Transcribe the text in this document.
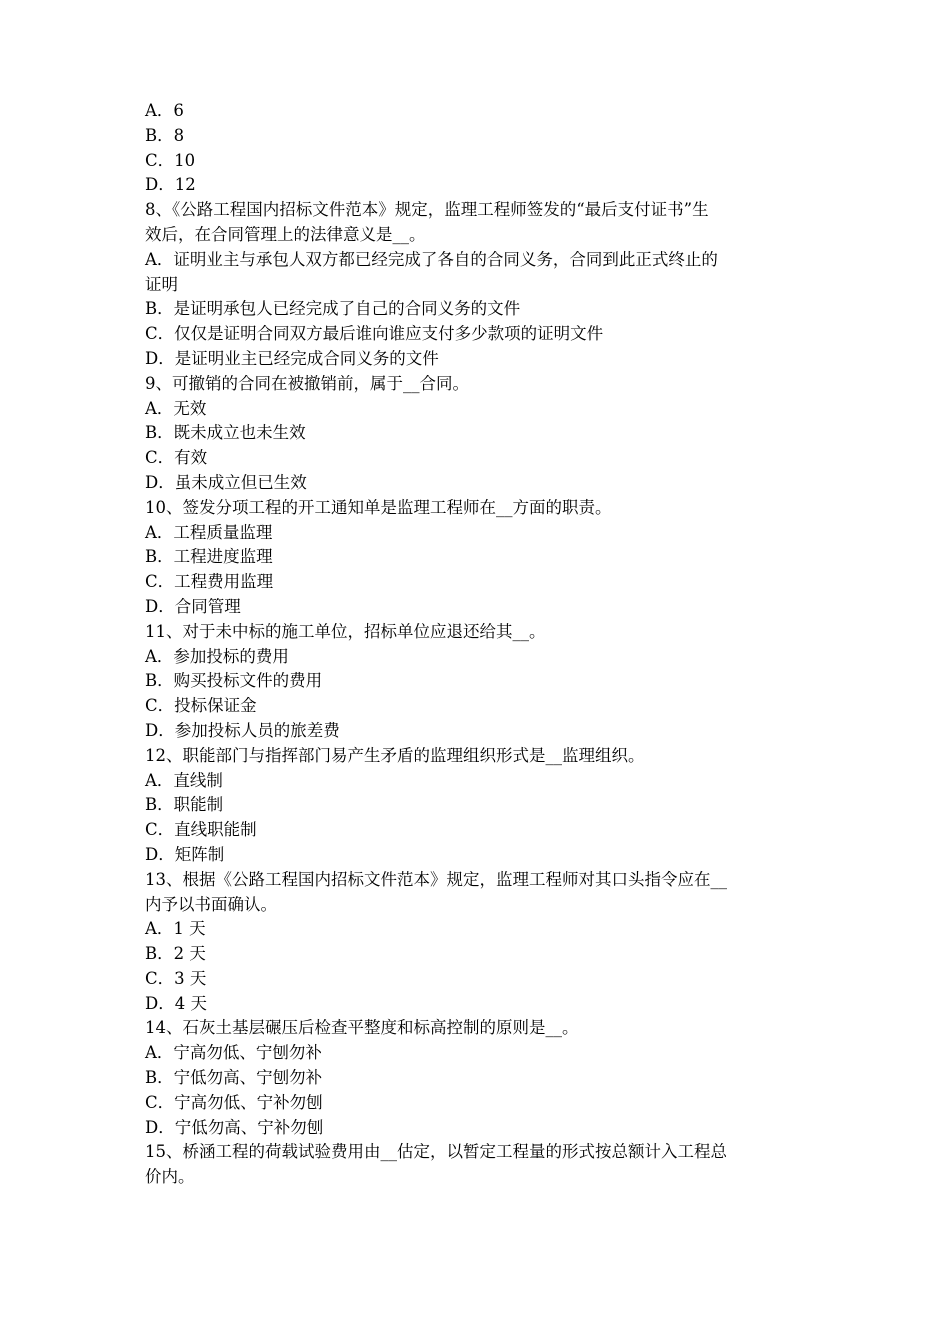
A．6
B．8
C．10
D．12
8、《公路工程国内招标文件范本》规定，监理工程师签发的“最后支付证书”生
效后，在合同管理上的法律意义是__。
A．证明业主与承包人双方都已经完成了各自的合同义务，合同到此正式终止的
证明
B．是证明承包人已经完成了自己的合同义务的文件
C．仅仅是证明合同双方最后谁向谁应支付多少款项的证明文件
D．是证明业主已经完成合同义务的文件
9、可撤销的合同在被撤销前，属于__合同。
A．无效
B．既未成立也未生效
C．有效
D．虽未成立但已生效
10、签发分项工程的开工通知单是监理工程师在__方面的职责。
A．工程质量监理
B．工程进度监理
C．工程费用监理
D．合同管理
11、对于未中标的施工单位，招标单位应退还给其__。
A．参加投标的费用
B．购买投标文件的费用
C．投标保证金
D．参加投标人员的旅差费
12、职能部门与指挥部门易产生矛盾的监理组织形式是__监理组织。
A．直线制
B．职能制
C．直线职能制
D．矩阵制
13、根据《公路工程国内招标文件范本》规定，监理工程师对其口头指令应在__
内予以书面确认。
A．1 天
B．2 天
C．3 天
D．4 天
14、石灰土基层碾压后检查平整度和标高控制的原则是__。
A．宁高勿低、宁刨勿补
B．宁低勿高、宁刨勿补
C．宁高勿低、宁补勿刨
D．宁低勿高、宁补勿刨
15、桥涵工程的荷载试验费用由__估定，以暂定工程量的形式按总额计入工程总
价内。
